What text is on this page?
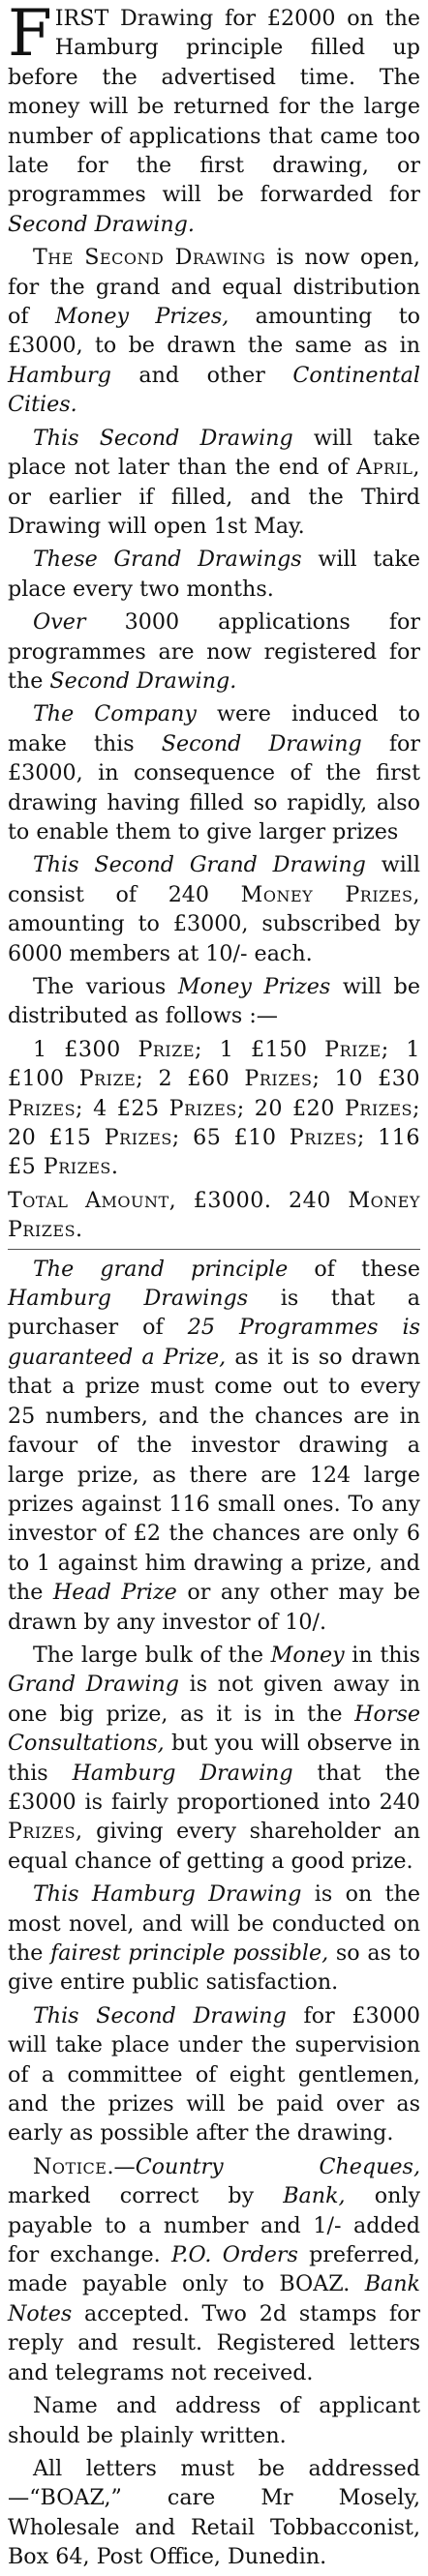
FIRST Drawing for £2000 on the Hamburg principle filled up before the advertised time. The money will be returned for the large number of applications that came too late for the first drawing, or programmes will be forwarded for Second Drawing.

The Second Drawing is now open, for the grand and equal distribution of Money Prizes, amounting to £3000, to be drawn the same as in Hamburg and other Continental Cities.

This Second Drawing will take place not later than the end of April, or earlier if filled, and the Third Drawing will open 1st May.

These Grand Drawings will take place every two months.

Over 3000 applications for programmes are now registered for the Second Drawing.

The Company were induced to make this Second Drawing for £3000, in consequence of the first drawing having filled so rapidly, also to enable them to give larger prizes

This Second Grand Drawing will consist of 240 Money Prizes, amounting to £3000, subscribed by 6000 members at 10/- each.

The various Money Prizes will be distributed as follows :—

1 £300 Prize; 1 £150 Prize; 1 £100 Prize; 2 £60 Prizes; 10 £30 Prizes; 4 £25 Prizes; 20 £20 Prizes; 20 £15 Prizes; 65 £10 Prizes; 116 £5 Prizes.

Total Amount, £3000. 240 Money Prizes.

The grand principle of these Hamburg Drawings is that a purchaser of 25 Programmes is guaranteed a Prize, as it is so drawn that a prize must come out to every 25 numbers, and the chances are in favour of the investor drawing a large prize, as there are 124 large prizes against 116 small ones. To any investor of £2 the chances are only 6 to 1 against him drawing a prize, and the Head Prize or any other may be drawn by any investor of 10/.

The large bulk of the Money in this Grand Drawing is not given away in one big prize, as it is in the Horse Consultations, but you will observe in this Hamburg Drawing that the £3000 is fairly proportioned into 240 Prizes, giving every shareholder an equal chance of getting a good prize.

This Hamburg Drawing is on the most novel, and will be conducted on the fairest principle possible, so as to give entire public satisfaction.

This Second Drawing for £3000 will take place under the supervision of a committee of eight gentlemen, and the prizes will be paid over as early as possible after the drawing.

Notice.—Country Cheques, marked correct by Bank, only payable to a number and 1/- added for exchange. P.O. Orders preferred, made payable only to BOAZ. Bank Notes accepted. Two 2d stamps for reply and result. Registered letters and telegrams not received.

Name and address of applicant should be plainly written.

All letters must be addressed—“BOAZ,” care Mr Mosely, Wholesale and Retail Tobbacconist, Box 64, Post Office, Dunedin.
